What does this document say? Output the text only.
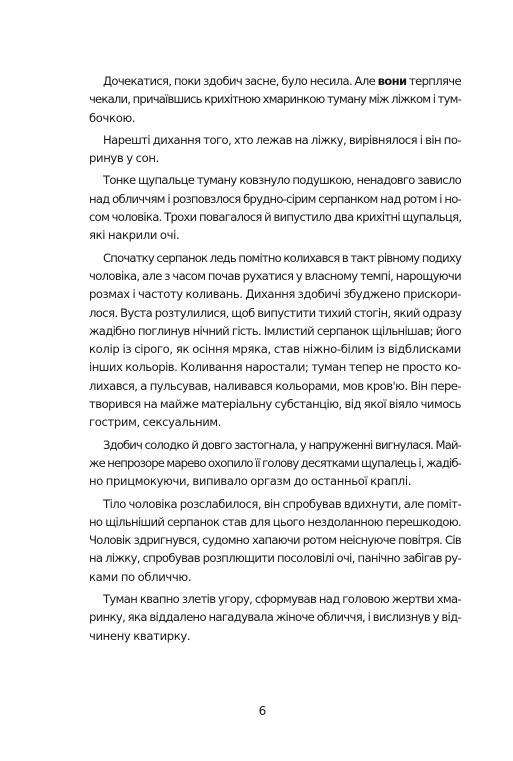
Дочекатися, поки здобич засне, було несила. Але вони терпляче
чекали, причаївшись крихітною хмаринкою туману між ліжком і тум-
бочкою.
Нарешті дихання того, хто лежав на ліжку, вирівнялося і він по-
ринув у сон.
Тонке щупальце туману ковзнуло подушкою, ненадовго зависло
над обличчям і розповзлося брудно-сірим серпанком над ротом і но-
сом чоловіка. Трохи повагалося й випустило два крихітні щупальця,
які накрили очі.
Спочатку серпанок ледь помітно колихався в такт рівному подиху
чоловіка, але з часом почав рухатися у власному темпі, нарощуючи
розмах і частоту коливань. Дихання здобичі збуджено прискори-
лося. Вуста розтулилися, щоб випустити тихий стогін, який одразу
жадібно поглинув нічний гість. Імлистий серпанок щільнішав; його
колір із сірого, як осіння мряка, став ніжно-білим із відблисками
інших кольорів. Коливання наростали; туман тепер не просто ко-
лихався, а пульсував, наливався кольорами, мов кров'ю. Він пере-
творився на майже матеріальну субстанцію, від якої віяло чимось
гострим, сексуальним.
Здобич солодко й довго застогнала, у напруженні вигнулася. Май-
же непрозоре марево охопило її голову десятками щупалець і, жадіб-
но прицмокуючи, випивало оргазм до останньої краплі.
Тіло чоловіка розслабилося, він спробував вдихнути, але поміт-
но щільніший серпанок став для цього нездоланною перешкодою.
Чоловік здригнувся, судомно хапаючи ротом неіснуюче повітря. Сів
на ліжку, спробував розплющити посоловілі очі, панічно забігав ру-
ками по обличчю.
Туман квапно злетів угору, сформував над головою жертви хма-
ринку, яка віддалено нагадувала жіноче обличчя, і вислизнув у від-
чинену кватирку.
6
